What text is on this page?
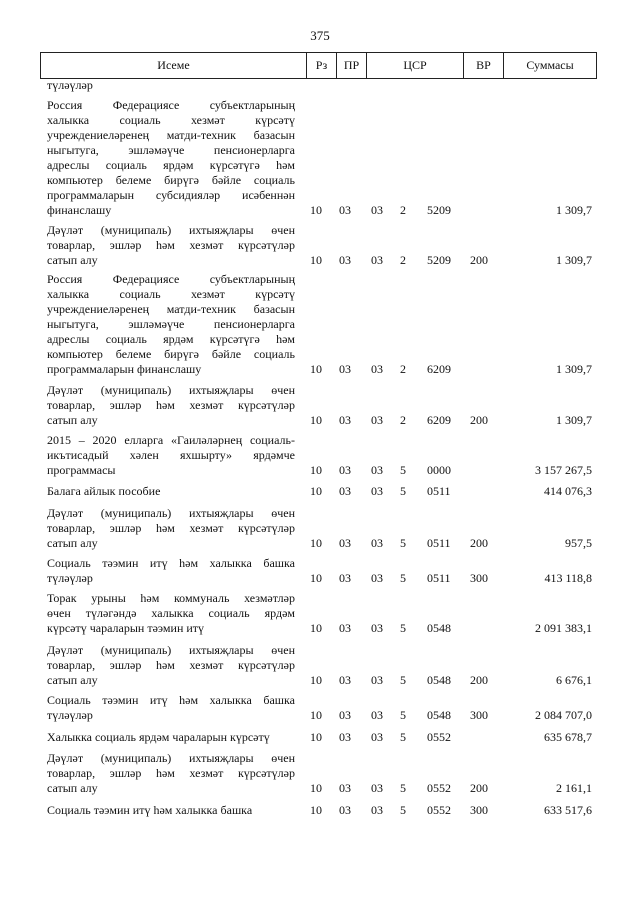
375
Исеме	Рз	ПР	ЦСР	ВР	Суммасы
түләүләр
Россия Федерациясе субъектларының
халыкка социаль хезмәт күрсәтү
учреждениеләренең матди-техник базасын
ныгытуга, эшләмәүче пенсионерларга
адреслы социаль ярдәм күрсәтүгә һәм
компьютер белеме бирүгә бәйле социаль
программаларын субсидияләр исәбеннән
финанслашу	10 03 03 2 5209	1 309,7
Дәүләт (муниципаль) ихтыяҗлары өчен
товарлар, эшләр һәм хезмәт күрсәтүләр
сатып алу	10 03 03 2 5209 200	1 309,7
Россия Федерациясе субъектларының
халыкка социаль хезмәт күрсәтү
учреждениеләренең матди-техник базасын
ныгытуга, эшләмәүче пенсионерларга
адреслы социаль ярдәм күрсәтүгә һәм
компьютер белеме бирүгә бәйле социаль
программаларын финанслашу	10 03 03 2 6209	1 309,7
Дәүләт (муниципаль) ихтыяҗлары өчен
товарлар, эшләр һәм хезмәт күрсәтүләр
сатып алу	10 03 03 2 6209 200	1 309,7
2015 – 2020 елларга «Гаиләләрнең социаль-
икътисадый хәлен яхшырту» ярдәмче
программасы	10 03 03 5 0000	3 157 267,5
Балага айлык пособие	10 03 03 5 0511	414 076,3
Дәүләт (муниципаль) ихтыяҗлары өчен
товарлар, эшләр һәм хезмәт күрсәтүләр
сатып алу	10 03 03 5 0511 200	957,5
Социаль тәэмин итү һәм халыкка башка
түләүләр	10 03 03 5 0511 300	413 118,8
Торак урыны һәм коммуналь хезмәтләр
өчен түләгәндә халыкка социаль ярдәм
күрсәтү чараларын тәэмин итү	10 03 03 5 0548	2 091 383,1
Дәүләт (муниципаль) ихтыяҗлары өчен
товарлар, эшләр һәм хезмәт күрсәтүләр
сатып алу	10 03 03 5 0548 200	6 676,1
Социаль тәэмин итү һәм халыкка башка
түләүләр	10 03 03 5 0548 300	2 084 707,0
Халыкка социаль ярдәм чараларын күрсәтү	10 03 03 5 0552	635 678,7
Дәүләт (муниципаль) ихтыяҗлары өчен
товарлар, эшләр һәм хезмәт күрсәтүләр
сатып алу	10 03 03 5 0552 200	2 161,1
Социаль тәэмин итү һәм халыкка башка	10 03 03 5 0552 300	633 517,6
